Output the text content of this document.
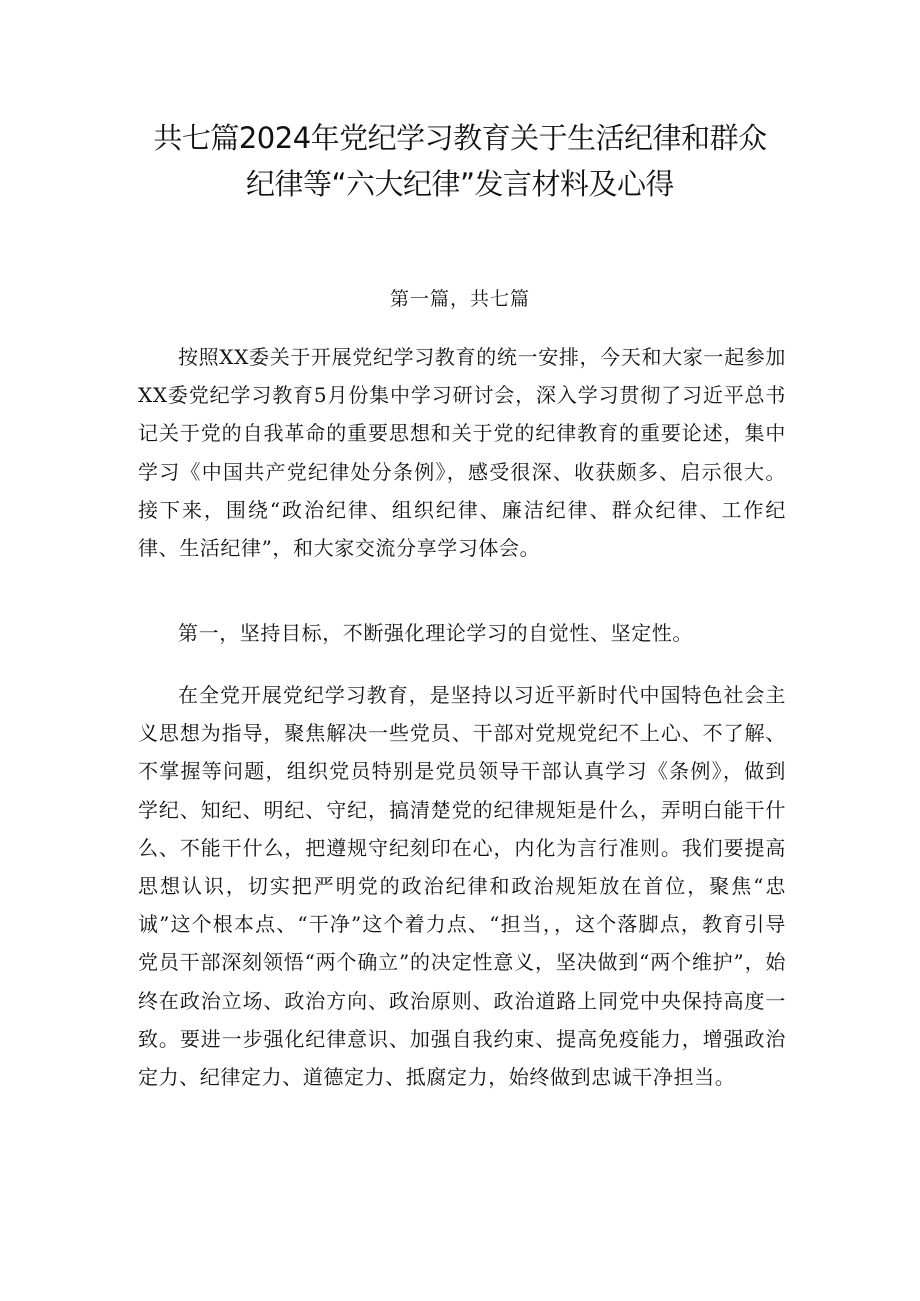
共七篇2024年党纪学习教育关于生活纪律和群众
纪律等“六大纪律”发言材料及心得
第一篇，共七篇

按照XX委关于开展党纪学习教育的统一安排，今天和大家一起参加XX委党纪学习教育5月份集中学习研讨会，深入学习贯彻了习近平总书记关于党的自我革命的重要思想和关于党的纪律教育的重要论述，集中学习《中国共产党纪律处分条例》，感受很深、收获颇多、启示很大。接下来，围绕“政治纪律、组织纪律、廉洁纪律、群众纪律、工作纪律、生活纪律”，和大家交流分享学习体会。

第一，坚持目标，不断强化理论学习的自觉性、坚定性。

在全党开展党纪学习教育，是坚持以习近平新时代中国特色社会主义思想为指导，聚焦解决一些党员、干部对党规党纪不上心、不了解、不掌握等问题，组织党员特别是党员领导干部认真学习《条例》，做到学纪、知纪、明纪、守纪，搞清楚党的纪律规矩是什么，弄明白能干什么、不能干什么，把遵规守纪刻印在心，内化为言行准则。我们要提高思想认识，切实把严明党的政治纪律和政治规矩放在首位，聚焦“忠诚”这个根本点、“干净”这个着力点、“担当，，这个落脚点，教育引导党员干部深刻领悟“两个确立”的决定性意义，坚决做到“两个维护”，始终在政治立场、政治方向、政治原则、政治道路上同党中央保持高度一致。要进一步强化纪律意识、加强自我约束、提高免疫能力，增强政治定力、纪律定力、道德定力、抵腐定力，始终做到忠诚干净担当。
